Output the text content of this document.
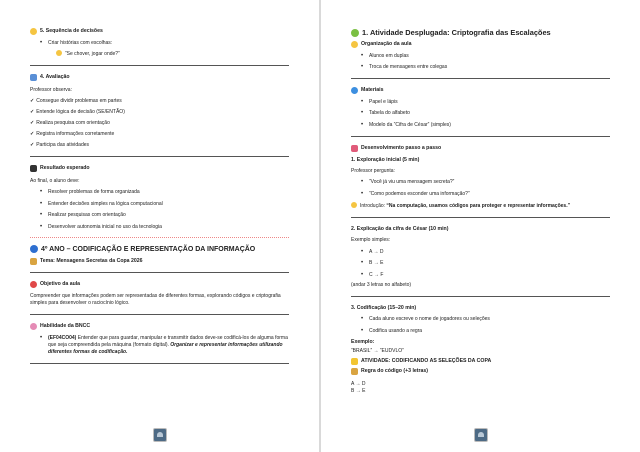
5. Sequência de decisões
• Criar histórias com escolhas:
“Se chover, jogar onde?”
4. Avaliação
Professor observa:
✓ Consegue dividir problemas em partes
✓ Entende lógica de decisão (SE/ENTÃO)
✓ Realiza pesquisa com orientação
✓ Registra informações corretamente
✓ Participa das atividades
Resultado esperado
Ao final, o aluno deve:
• Resolver problemas de forma organizada
• Entender decisões simples na lógica computacional
• Realizar pesquisas com orientação
• Desenvolver autonomia inicial no uso da tecnologia
4º ANO – CODIFICAÇÃO E REPRESENTAÇÃO DA INFORMAÇÃO
Tema: Mensagens Secretas da Copa 2026
Objetivo da aula
Compreender que informações podem ser representadas de diferentes formas, explorando códigos e criptografia simples para desenvolver o raciocínio lógico.
Habilidade da BNCC
• (EF04CO04) Entender que para guardar, manipular e transmitir dados deve-se codificá-los de alguma forma que seja compreendida pela máquina (formato digital). Organizar e representar informações utilizando diferentes formas de codificação.
1. Atividade Desplugada: Criptografia das Escalações
Organização da aula
• Alunos em duplas
• Troca de mensagens entre colegas
Materiais
• Papel e lápis
• Tabela do alfabeto
• Modelo da “Cifra de César” (simples)
Desenvolvimento passo a passo
1. Exploração inicial (5 min)
Professor pergunta:
• “Você já viu uma mensagem secreta?”
• “Como podemos esconder uma informação?”
Introdução: “Na computação, usamos códigos para proteger e representar informações.”
2. Explicação da cifra de César (10 min)
Exemplo simples:
• A → D
• B → E
• C → F
(andar 3 letras no alfabeto)
3. Codificação (15–20 min)
• Cada aluno escreve o nome de jogadores ou seleções
• Codifica usando a regra
Exemplo:
“BRASIL” → “EUDVLO”
ATIVIDADE: CODIFICANDO AS SELEÇÕES DA COPA
Regra do código (+3 letras)
A → D
B → E
